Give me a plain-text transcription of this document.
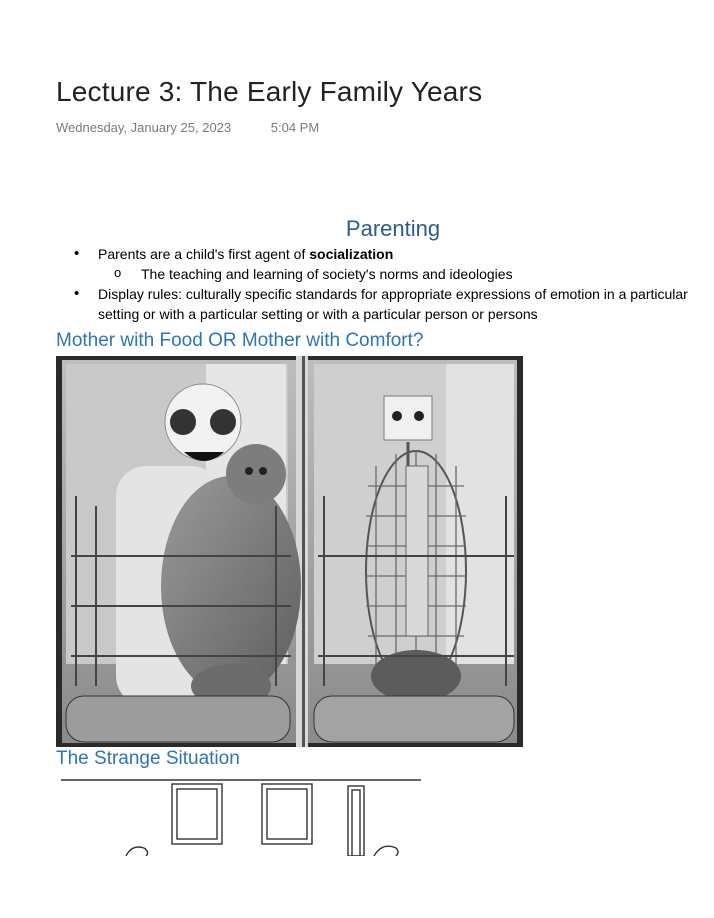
Lecture 3: The Early Family Years
Wednesday, January 25, 2023	5:04 PM
Parenting
• Parents are a child's first agent of socialization
o The teaching and learning of society's norms and ideologies
• Display rules: culturally specific standards for appropriate expressions of emotion in a particular setting or with a particular setting or with a particular person or persons
Mother with Food OR Mother with Comfort?
The Strange Situation
